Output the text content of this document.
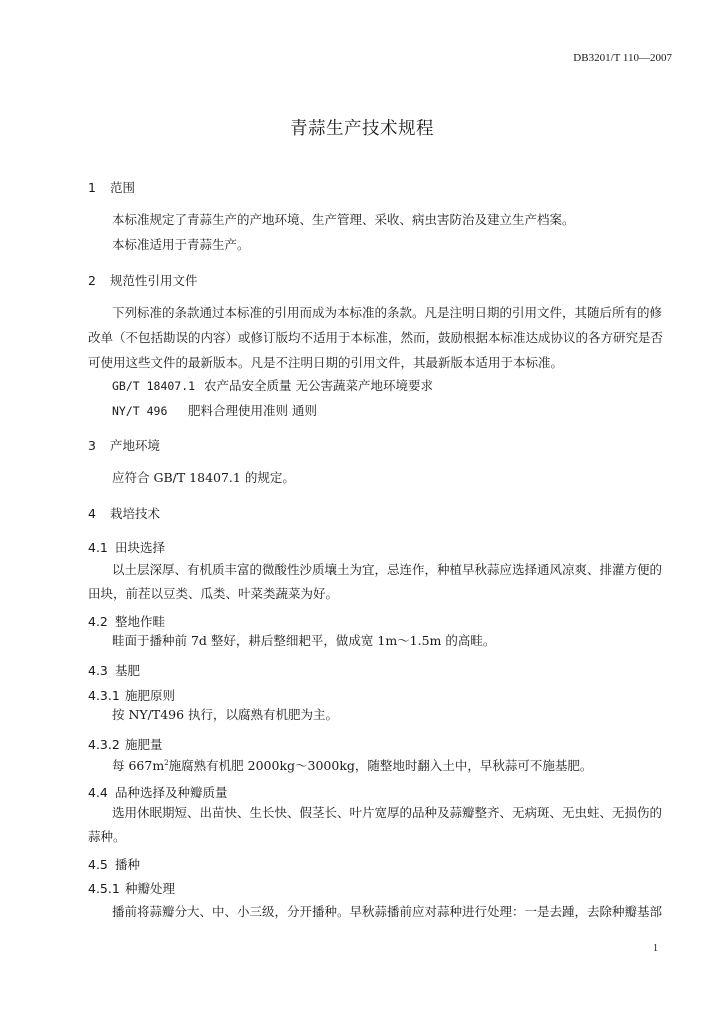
DB3201/T 110—2007
青蒜生产技术规程
1 范围
本标准规定了青蒜生产的产地环境、生产管理、采收、病虫害防治及建立生产档案。
本标准适用于青蒜生产。
2 规范性引用文件
下列标准的条款通过本标准的引用而成为本标准的条款。凡是注明日期的引用文件，其随后所有的修
改单（不包括勘误的内容）或修订版均不适用于本标准，然而，鼓励根据本标准达成协议的各方研究是否
可使用这些文件的最新版本。凡是不注明日期的引用文件，其最新版本适用于本标准。
GB/T 18407.1 农产品安全质量 无公害蔬菜产地环境要求
NY/T 496 肥料合理使用准则 通则
3 产地环境
应符合 GB/T 18407.1 的规定。
4 栽培技术
4.1 田块选择
以土层深厚、有机质丰富的微酸性沙质壤土为宜，忌连作，种植早秋蒜应选择通风凉爽、排灌方便的
田块，前茬以豆类、瓜类、叶菜类蔬菜为好。
4.2 整地作畦
畦面于播种前 7d 整好，耕后整细耙平，做成宽 1m～1.5m 的高畦。
4.3 基肥
4.3.1 施肥原则
按 NY/T496 执行，以腐熟有机肥为主。
4.3.2 施肥量
每 $667m^2$施腐熟有机肥 2000kg～3000kg，随整地时翻入土中，早秋蒜可不施基肥。
4.4 品种选择及种瓣质量
选用休眠期短、出苗快、生长快、假茎长、叶片宽厚的品种及蒜瓣整齐、无病斑、无虫蛀、无损伤的
蒜种。
4.5 播种
4.5.1 种瓣处理
播前将蒜瓣分大、中、小三级，分开播种。早秋蒜播前应对蒜种进行处理：一是去踵，去除种瓣基部
1
